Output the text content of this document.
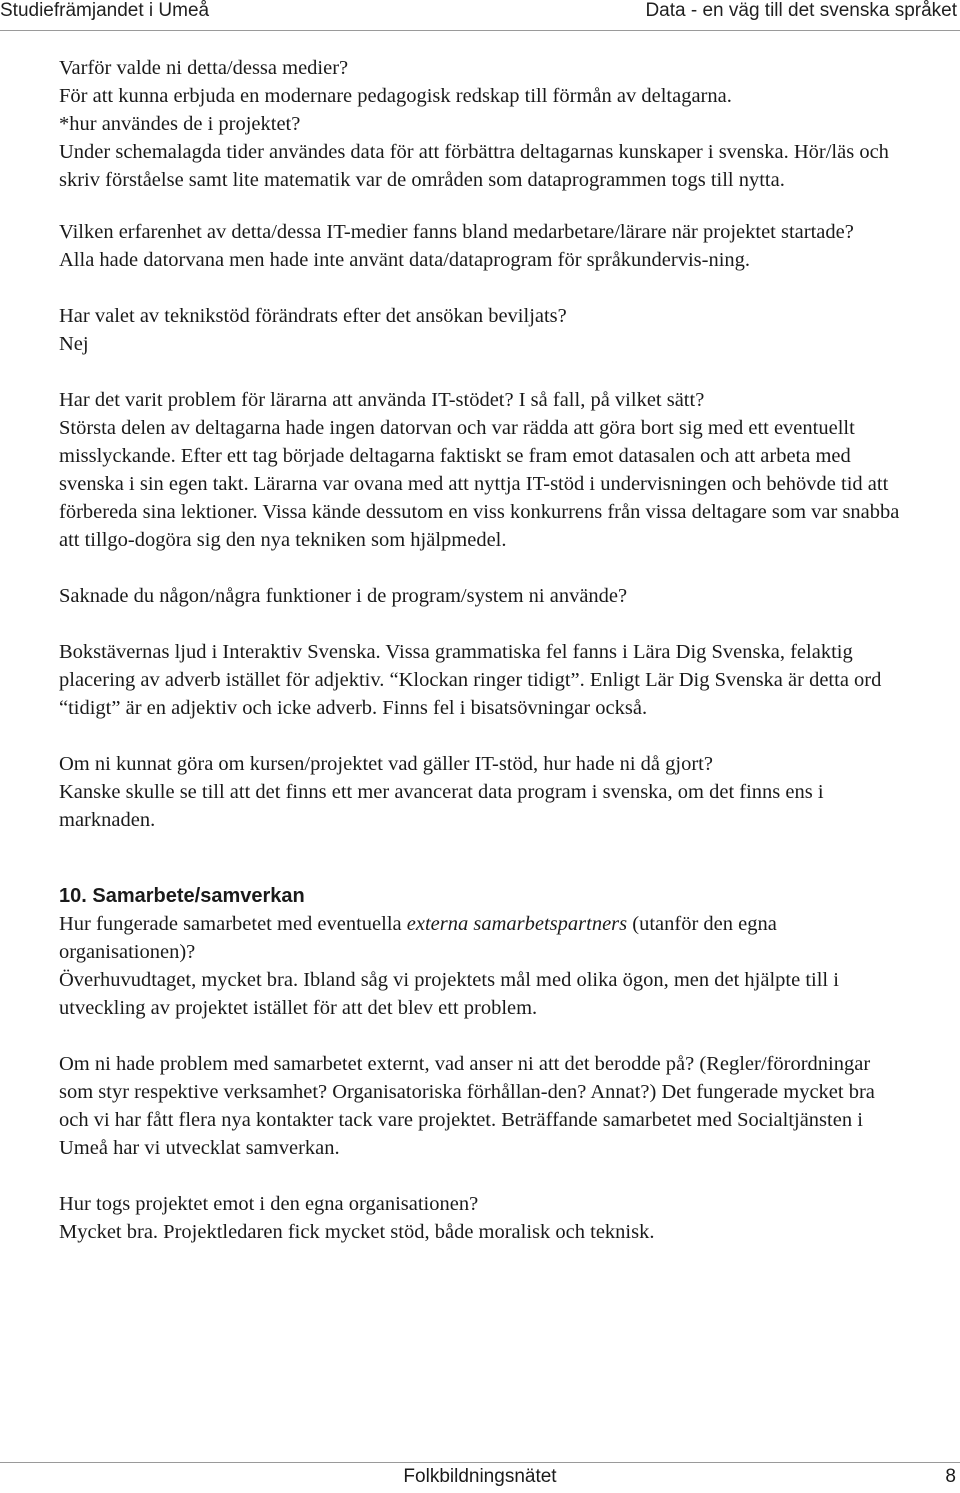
Studiefrämjandet i Umeå	Data - en väg till det svenska språket

Varför valde ni detta/dessa medier?

För att kunna erbjuda en modernare pedagogisk redskap till förmån av deltagarna.

*hur användes de i projektet?

Under schemalagda tider användes data för att förbättra deltagarnas kunskaper i svenska. Hör/läs och skriv förståelse samt lite matematik var de områden som dataprogrammen togs till nytta.

Vilken erfarenhet av detta/dessa IT-medier fanns bland medarbetare/lärare när projektet startade?

Alla hade datorvana men hade inte använt data/dataprogram för språkundervis-ning.

Har valet av teknikstöd förändrats efter det ansökan beviljats?

Nej

Har det varit problem för lärarna att använda IT-stödet? I så fall, på vilket sätt?

Största delen av deltagarna hade ingen datorvan och var rädda att göra bort sig med ett eventuellt misslyckande. Efter ett tag började deltagarna faktiskt se fram emot datasalen och att arbeta med svenska i sin egen takt. Lärarna var ovana med att nyttja IT-stöd i undervisningen och behövde tid att förbereda sina lektioner. Vissa kände dessutom en viss konkurrens från vissa deltagare som var snabba att tillgo-dogöra sig den nya tekniken som hjälpmedel.

Saknade du någon/några funktioner i de program/system ni använde?

Bokstävernas ljud i Interaktiv Svenska. Vissa grammatiska fel fanns i Lära Dig Svenska, felaktig placering av adverb istället för adjektiv. “Klockan ringer tidigt”. Enligt Lär Dig Svenska är detta ord “tidigt” är en adjektiv och icke adverb. Finns fel i bisatsövningar också.

Om ni kunnat göra om kursen/projektet vad gäller IT-stöd, hur hade ni då gjort?

Kanske skulle se till att det finns ett mer avancerat data program i svenska, om det finns ens i marknaden.

10. Samarbete/samverkan

Hur fungerade samarbetet med eventuella externa samarbetspartners (utanför den egna organisationen)?

Överhuvudtaget, mycket bra. Ibland såg vi projektets mål med olika ögon, men det hjälpte till i utveckling av projektet istället för att det blev ett problem.

Om ni hade problem med samarbetet externt, vad anser ni att det berodde på? (Regler/förordningar som styr respektive verksamhet? Organisatoriska förhållan-den? Annat?) Det fungerade mycket bra och vi har fått flera nya kontakter tack vare projektet. Beträffande samarbetet med Socialtjänsten i Umeå har vi utvecklat samverkan.

Hur togs projektet emot i den egna organisationen?

Mycket bra. Projektledaren fick mycket stöd, både moralisk och teknisk.

Folkbildningsnätet	8
